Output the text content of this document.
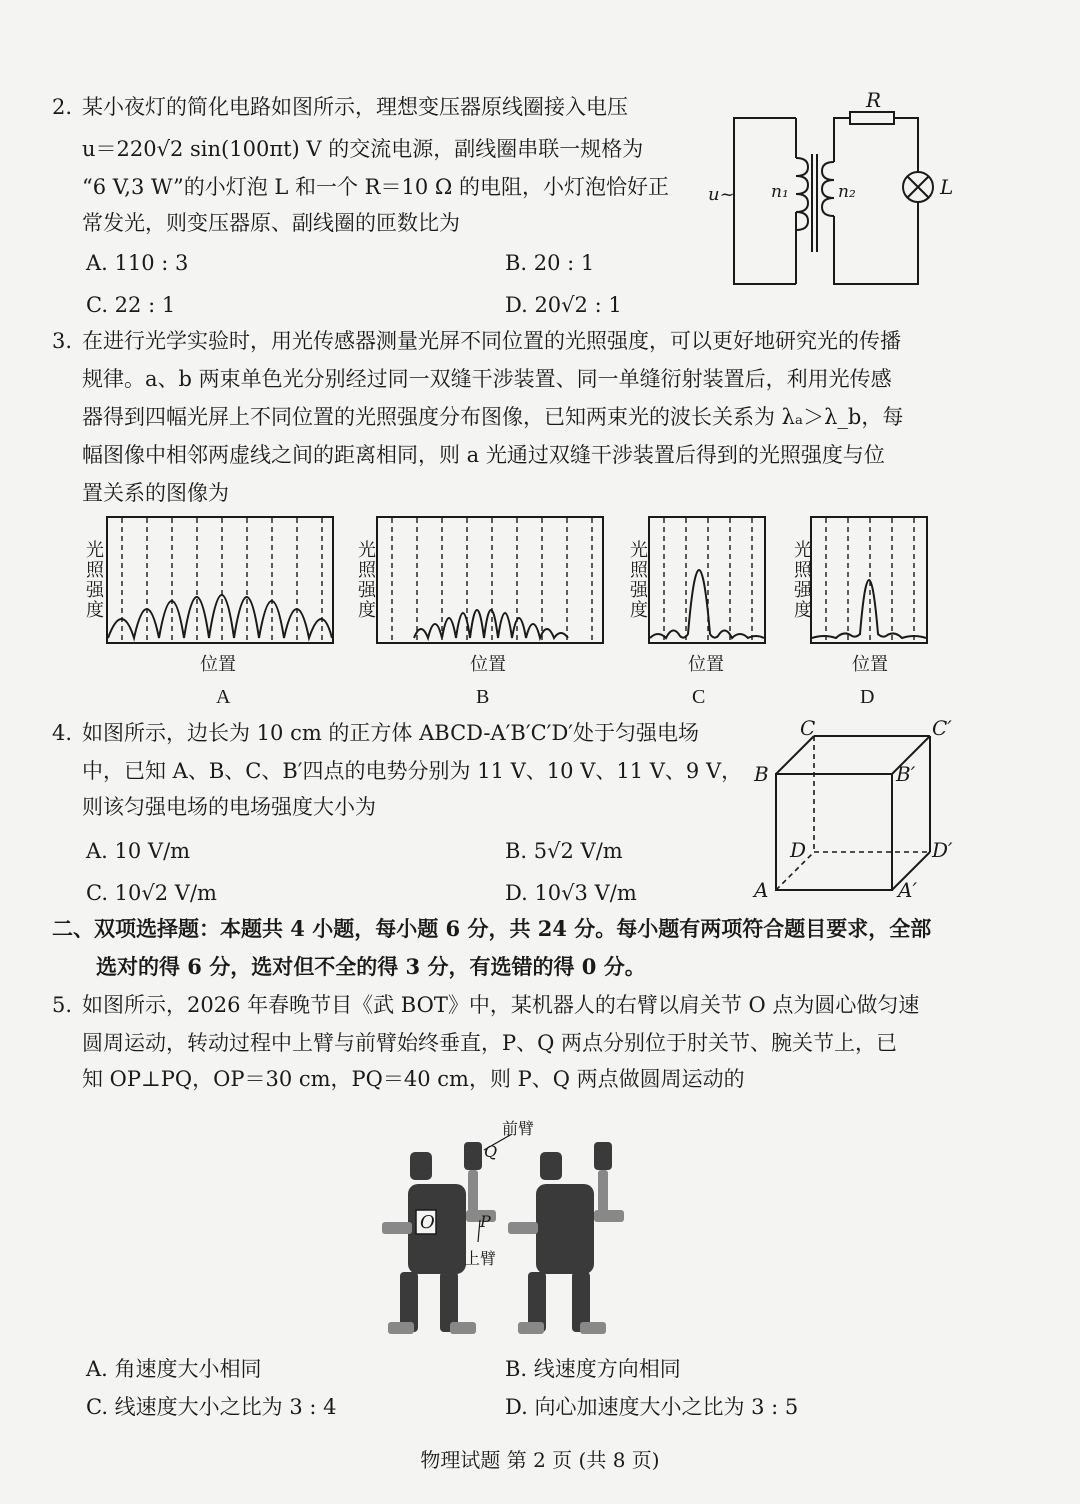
2. 某小夜灯的简化电路如图所示，理想变压器原线圈接入电压
u＝220√2 sin(100πt) V 的交流电源，副线圈串联一规格为
“6 V,3 W”的小灯泡 L 和一个 R＝10 Ω 的电阻，小灯泡恰好正
常发光，则变压器原、副线圈的匝数比为
A. 110 : 3	B. 20 : 1
C. 22 : 1	D. 20√2 : 1
R
u~ n₁	n₂	L
3. 在进行光学实验时，用光传感器测量光屏不同位置的光照强度，可以更好地研究光的传播
规律。a、b 两束单色光分别经过同一双缝干涉装置、同一单缝衍射装置后，利用光传感
器得到四幅光屏上不同位置的光照强度分布图像，已知两束光的波长关系为 λₐ＞λ_b，每
幅图像中相邻两虚线之间的距离相同，则 a 光通过双缝干涉装置后得到的光照强度与位
置关系的图像为
光照强度
位置
A
光照强度
位置
B
光照强度
位置
C
光照强度
位置
D
4. 如图所示，边长为 10 cm 的正方体 ABCD-A′B′C′D′处于匀强电场
中，已知 A、B、C、B′四点的电势分别为 11 V、10 V、11 V、9 V，
则该匀强电场的电场强度大小为
A. 10 V/m	B. 5√2 V/m
C. 10√2 V/m	D. 10√3 V/m
C	C′
B	B′
D	D′
A	A′
二、双项选择题：本题共 4 小题，每小题 6 分，共 24 分。每小题有两项符合题目要求，全部
选对的得 6 分，选对但不全的得 3 分，有选错的得 0 分。
5. 如图所示，2026 年春晚节目《武 BOT》中，某机器人的右臂以肩关节 O 点为圆心做匀速
圆周运动，转动过程中上臂与前臂始终垂直，P、Q 两点分别位于肘关节、腕关节上，已
知 OP⊥PQ，OP＝30 cm，PQ＝40 cm，则 P、Q 两点做圆周运动的
前臂
Q
O	P
上臂
A. 角速度大小相同	B. 线速度方向相同
C. 线速度大小之比为 3 : 4	D. 向心加速度大小之比为 3 : 5
物理试题 第 2 页 (共 8 页)
